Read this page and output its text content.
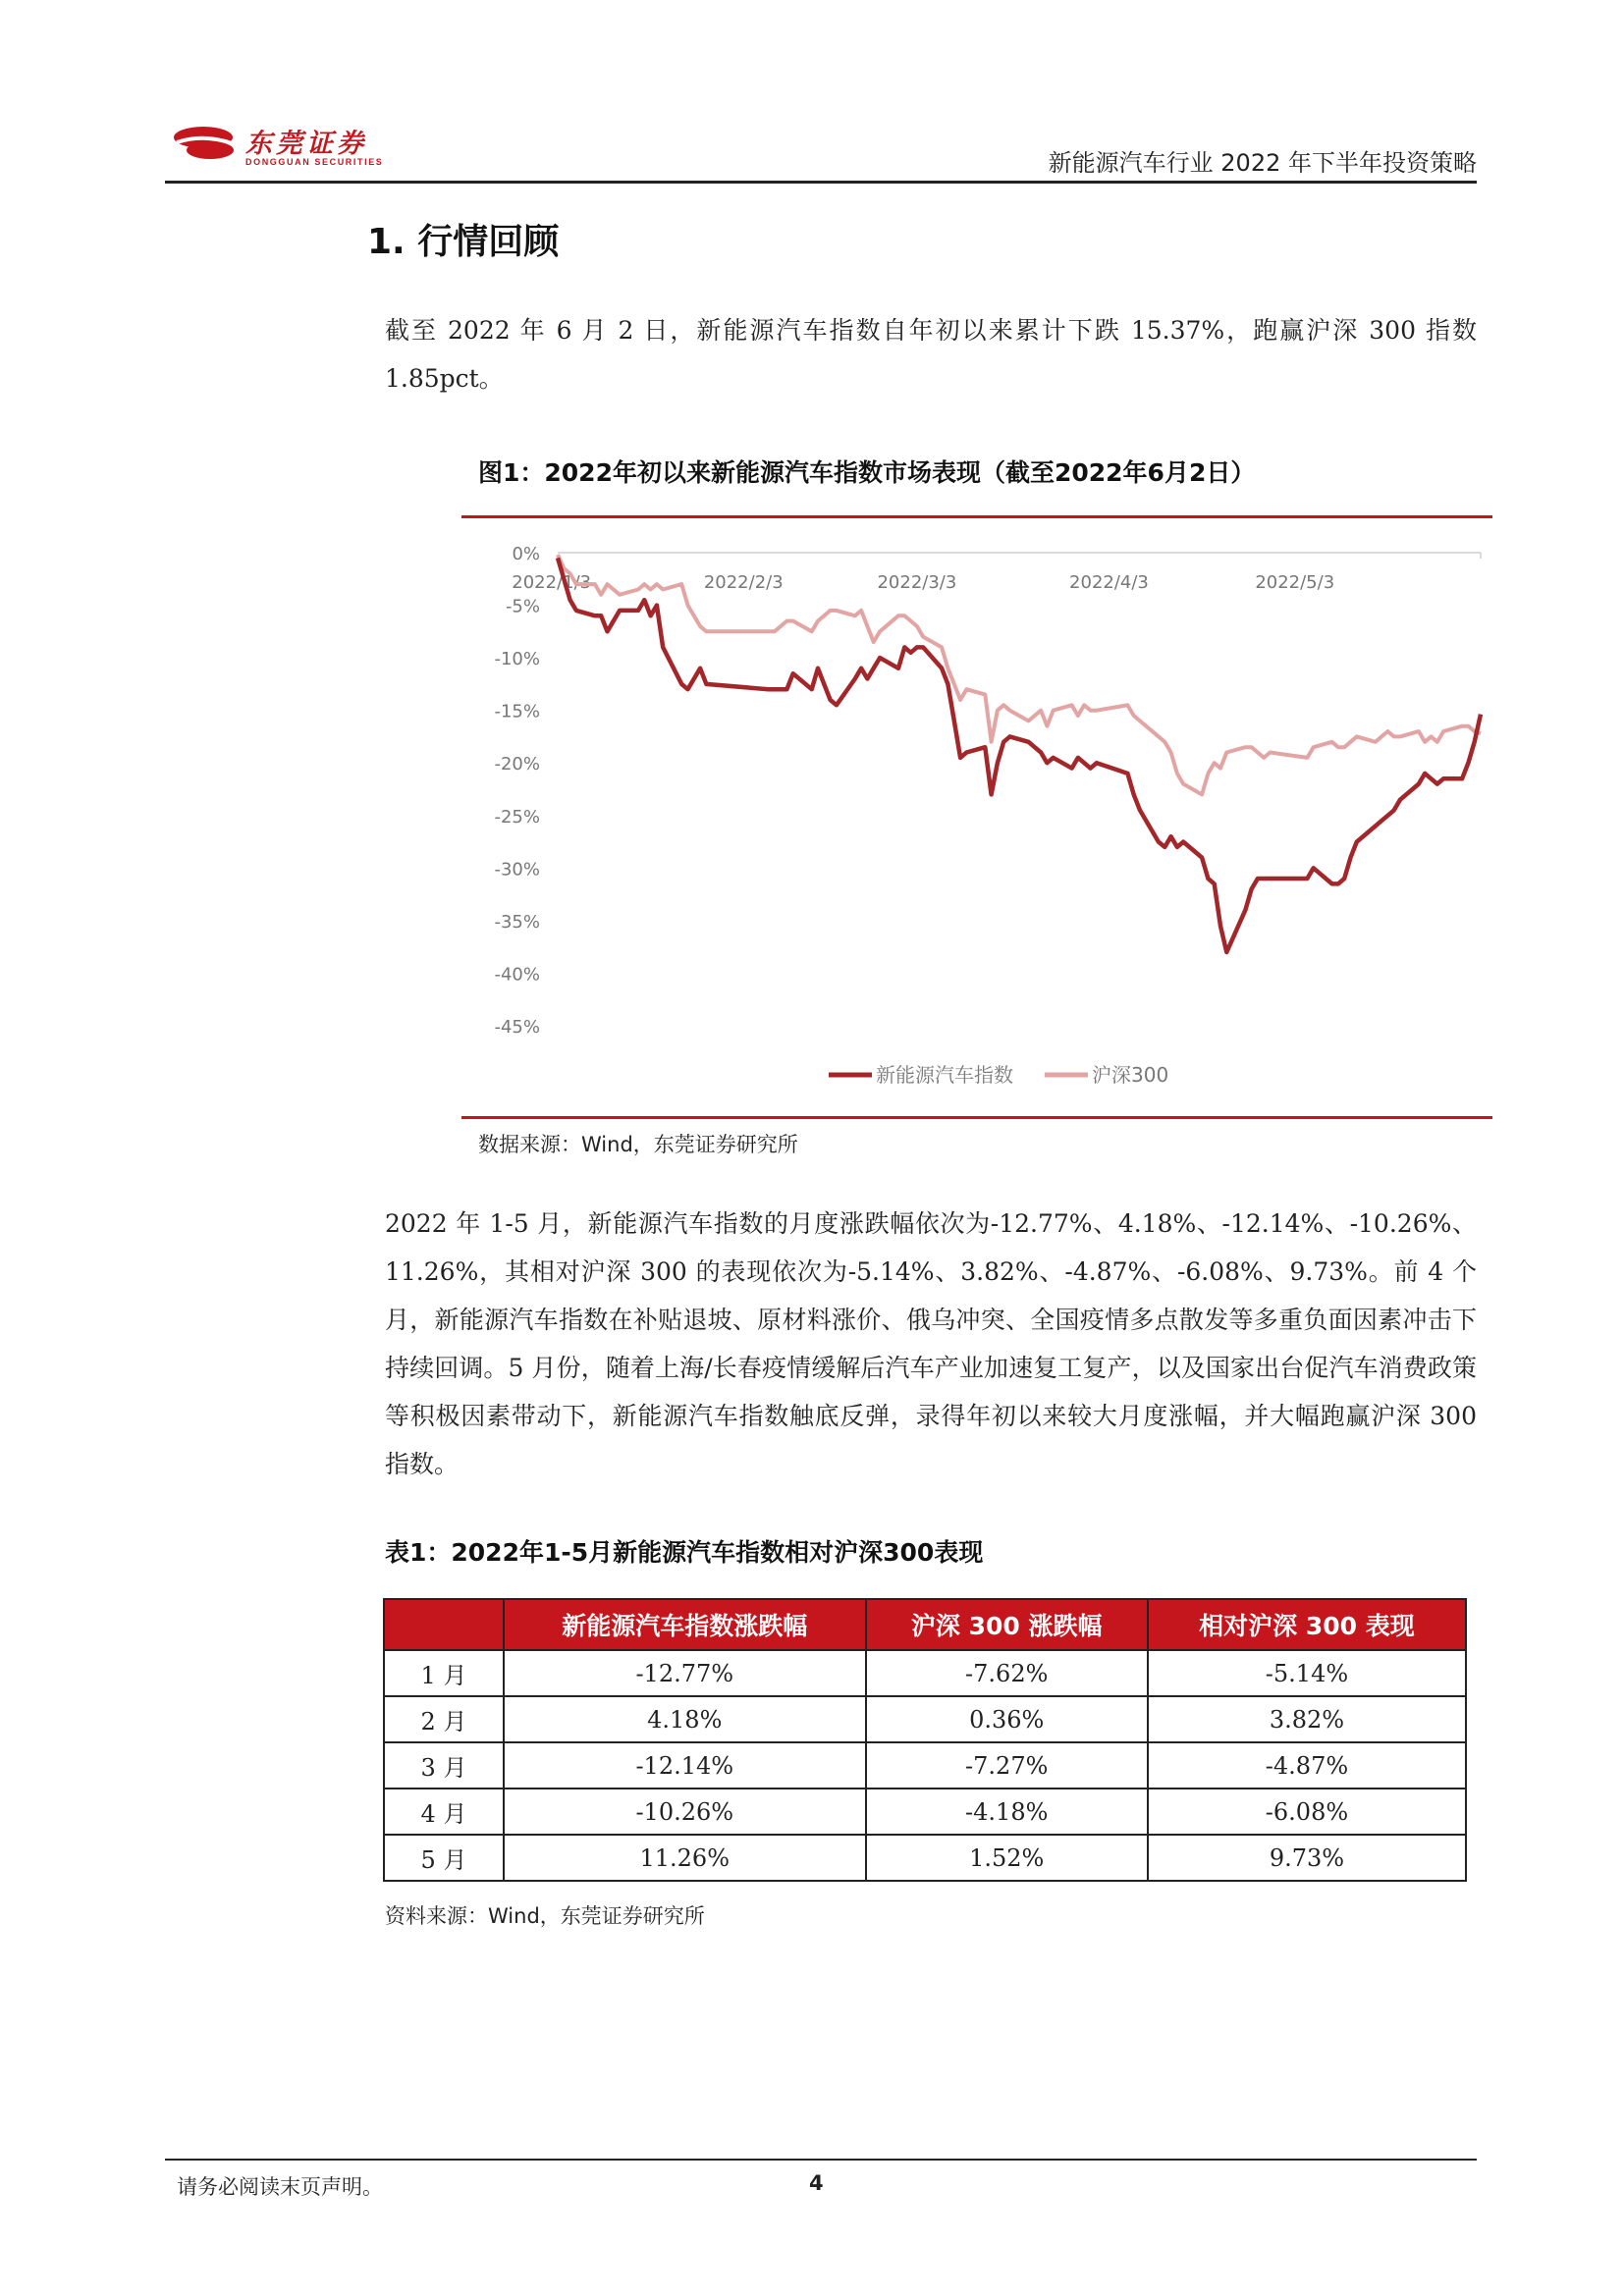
东莞证券
DONGGUAN SECURITIES	新能源汽车行业 2022 年下半年投资策略
1. 行情回顾

截至 2022 年 6 月 2 日，新能源汽车指数自年初以来累计下跌 15.37%，跑赢沪深 300 指数 1.85pct。

图1：2022年初以来新能源汽车指数市场表现（截至2022年6月2日）
0%
-5%
-10%
-15%
-20%
-25%
-30%
-35%
-40%
-45%
2022/1/3	2022/2/3	2022/3/3	2022/4/3	2022/5/3
新能源汽车指数	沪深300
数据来源：Wind，东莞证券研究所

2022 年 1-5 月，新能源汽车指数的月度涨跌幅依次为-12.77%、4.18%、-12.14%、-10.26%、11.26%，其相对沪深 300 的表现依次为-5.14%、3.82%、-4.87%、-6.08%、9.73%。前 4 个月，新能源汽车指数在补贴退坡、原材料涨价、俄乌冲突、全国疫情多点散发等多重负面因素冲击下持续回调。5 月份，随着上海/长春疫情缓解后汽车产业加速复工复产，以及国家出台促汽车消费政策等积极因素带动下，新能源汽车指数触底反弹，录得年初以来较大月度涨幅，并大幅跑赢沪深 300 指数。

表1：2022年1-5月新能源汽车指数相对沪深300表现
	新能源汽车指数涨跌幅	沪深 300 涨跌幅	相对沪深 300 表现
1 月	-12.77%	-7.62%	-5.14%
2 月	4.18%	0.36%	3.82%
3 月	-12.14%	-7.27%	-4.87%
4 月	-10.26%	-4.18%	-6.08%
5 月	11.26%	1.52%	9.73%
资料来源：Wind，东莞证券研究所
请务必阅读末页声明。	4
